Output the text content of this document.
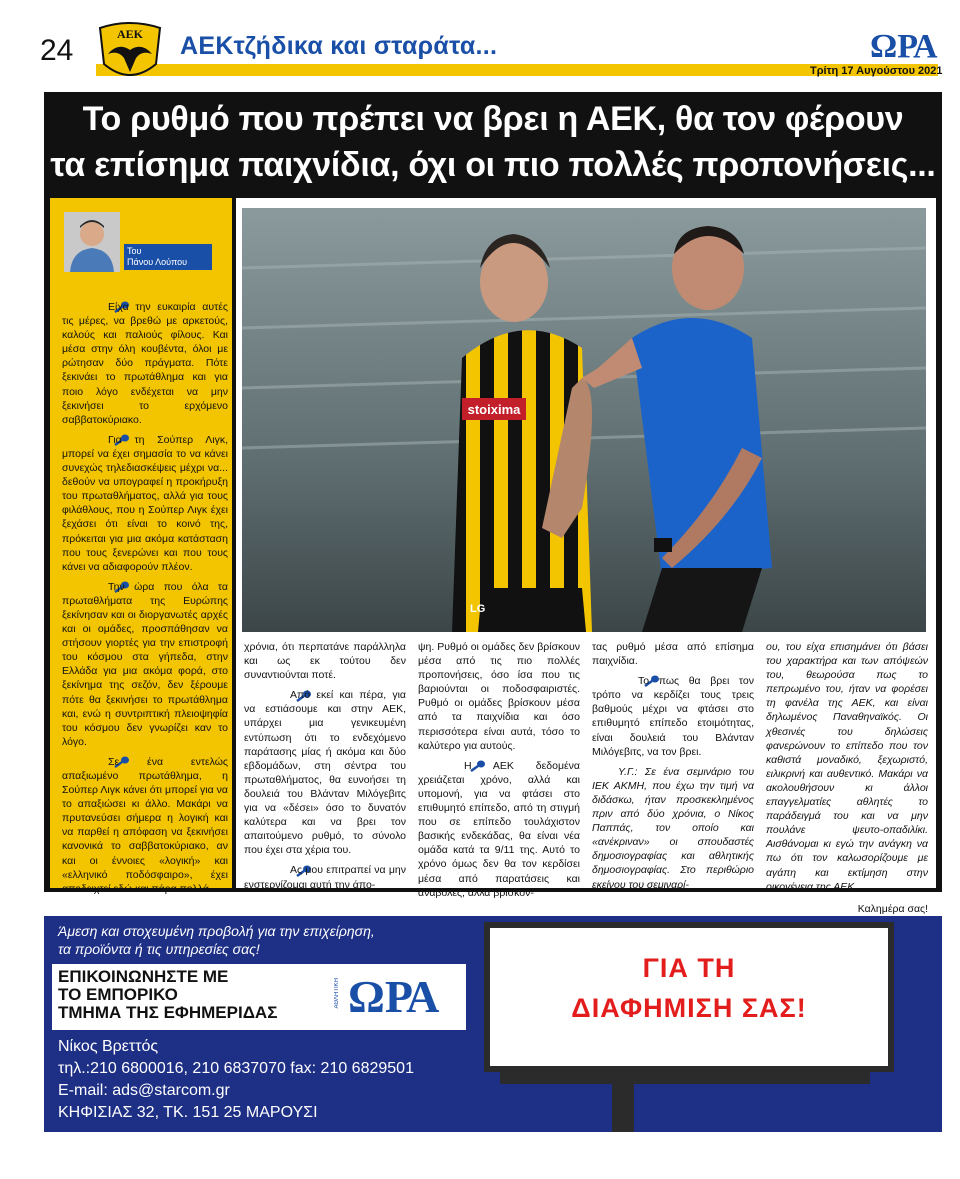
24	ΑΕΚ ΑΕΚτζήδικα και σταράτα...	ΩΡΑ
Τρίτη 17 Αυγούστου 2021
Το ρυθμό που πρέπει να βρει η ΑΕΚ, θα τον φέρουν
τα επίσημα παιχνίδια, όχι οι πιο πολλές προπονήσεις...
Του
Πάνου Λούπου

Είχα την ευκαιρία αυτές τις μέρες, να βρεθώ με αρκετούς, καλούς και παλιούς φίλους. Και μέσα στην όλη κουβέντα, όλοι με ρώτησαν δύο πράγματα. Πότε ξεκινάει το πρωτάθλημα και για ποιο λόγο ενδέχεται να μην ξεκινήσει το ερχόμενο σαββατοκύριακο.

Για τη Σούπερ Λιγκ, μπορεί να έχει σημασία το να κάνει συνεχώς τηλεδιασκέψεις μέχρι να... δεθούν να υπογραφεί η προκήρυξη του πρωταθλήματος, αλλά για τους φιλάθλους, που η Σούπερ Λιγκ έχει ξεχάσει ότι είναι το κοινό της, πρόκειται για μια ακόμα κατάσταση που τους ξενερώνει και που τους κάνει να αδιαφορούν πλέον.

Την ώρα που όλα τα πρωταθλήματα της Ευρώπης ξεκίνησαν και οι διοργανωτές αρχές και οι ομάδες, προσπάθησαν να στήσουν γιορτές για την επιστροφή του κόσμου στα γήπεδα, στην Ελλάδα για μια ακόμα φορά, στο ξεκίνημα της σεζόν, δεν ξέρουμε πότε θα ξεκινήσει το πρωτάθλημα και, ενώ η συντριπτική πλειοψηφία του κόσμου δεν γνωρίζει καν το λόγο.

Σε ένα εντελώς απαξιωμένο πρωτάθλημα, η Σούπερ Λιγκ κάνει ότι μπορεί για να το απαξιώσει κι άλλο. Μακάρι να πρυτανεύσει σήμερα η λογική και να παρθεί η απόφαση να ξεκινήσει κανονικά το σαββατοκύριακο, αν και οι έννοιες «λογική» και «ελληνικό ποδόσφαιρο», έχει αποδειχτεί εδώ και πάρα πολλά

stoixima
LG

χρόνια, ότι περπατάνε παράλληλα και ως εκ τούτου δεν συναντιούνται ποτέ.

Από εκεί και πέρα, για να εστιάσουμε και στην ΑΕΚ, υπάρχει μια γενικευμένη εντύπωση ότι το ενδεχόμενο παράτασης μίας ή ακόμα και δύο εβδομάδων, στη σέντρα του πρωταθλήματος, θα ευνοήσει τη δουλειά του Βλάνταν Μιλόγεβιτς για να «δέσει» όσο το δυνατόν καλύτερα και να βρει τον απαιτούμενο ρυθμό, το σύνολο που έχει στα χέρια του.

Ας μου επιτραπεί να μην ενστερνίζομαι αυτή την άπο-

ψη. Ρυθμό οι ομάδες δεν βρίσκουν μέσα από τις πιο πολλές προπονήσεις, όσο ίσα που τις βαριούνται οι ποδοσφαιριστές. Ρυθμό οι ομάδες βρίσκουν μέσα από τα παιχνίδια και όσο περισσότερα είναι αυτά, τόσο το καλύτερο για αυτούς.

Η ΑΕΚ δεδομένα χρειάζεται χρόνο, αλλά και υπομονή, για να φτάσει στο επιθυμητό επίπεδο, από τη στιγμή που σε επίπεδο τουλάχιστον βασικής ενδεκάδας, θα είναι νέα ομάδα κατά τα 9/11 της. Αυτό το χρόνο όμως δεν θα τον κερδίσει μέσα από παρατάσεις και αναβολές, αλλά βρίσκον-

τας ρυθμό μέσα από επίσημα παιχνίδια.

Το πως θα βρει τον τρόπο να κερδίζει τους τρεις βαθμούς μέχρι να φτάσει στο επιθυμητό επίπεδο ετοιμότητας, είναι δουλειά του Βλάνταν Μιλόγεβιτς, να τον βρει.

Υ.Γ.: Σε ένα σεμινάριο του ΙΕΚ ΑΚΜΗ, που έχω την τιμή να διδάσκω, ήταν προσκεκλημένος πριν από δύο χρόνια, ο Νίκος Παππάς, τον οποίο και «ανέκριναν» οι σπουδαστές δημοσιογραφίας και αθλητικής δημοσιογραφίας. Στο περιθώριο εκείνου του σεμιναρί-

ου, του είχα επισημάνει ότι βάσει του χαρακτήρα και των απόψεών του, θεωρούσα πως το πεπρωμένο του, ήταν να φορέσει τη φανέλα της ΑΕΚ, και είναι δηλωμένος Παναθηναϊκός. Οι χθεσινές του δηλώσεις φανερώνουν το επίπεδο που τον καθιστά μοναδικό, ξεχωριστό, ειλικρινή και αυθεντικό. Μακάρι να ακολουθήσουν κι άλλοι επαγγελματίες αθλητές το παράδειγμά του και να μην πουλάνε ψευτο-οπαδιλίκι. Αισθάνομαι κι εγώ την ανάγκη να πω ότι τον καλωσορίζουμε με αγάπη και εκτίμηση στην οικογένεια της ΑΕΚ.

Καλημέρα σας!

Άμεση και στοχευμένη προβολή για την επιχείρηση,
τα προϊόντα ή τις υπηρεσίες σας!
ΕΠΙΚΟΙΝΩΝΗΣΤΕ ΜΕ
ΤΟ ΕΜΠΟΡΙΚΟ
ΤΜΗΜΑ ΤΗΣ ΕΦΗΜΕΡΙΔΑΣ
ΑΘΛΗΤΙΚΗ ΩΡΑ
Νίκος Βρεττός
τηλ.:210 6800016, 210 6837070 fax: 210 6829501
E-mail: ads@starcom.gr
ΚΗΦΙΣΙΑΣ 32, ΤΚ. 151 25 ΜΑΡΟΥΣΙ
ΓΙΑ ΤΗ
ΔΙΑΦΗΜΙΣΗ ΣΑΣ!
